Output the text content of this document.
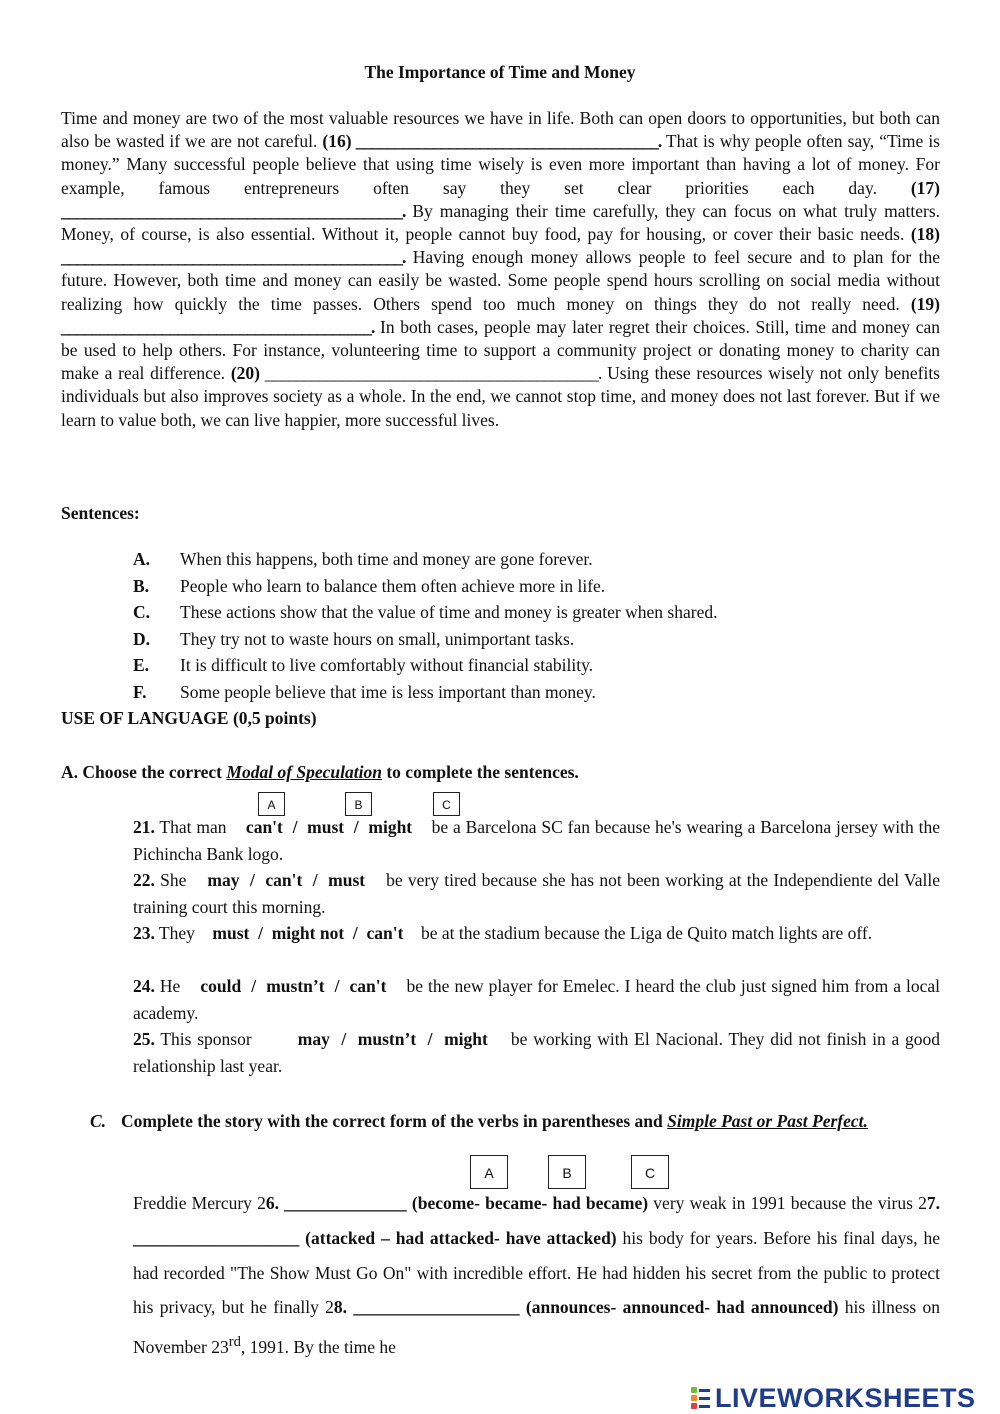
The Importance of Time and Money

Time and money are two of the most valuable resources we have in life. Both can open doors to opportunities, but both can also be wasted if we are not careful. (16) _______________________________________. That is why people often say, “Time is money.” Many successful people believe that using time wisely is even more important than having a lot of money. For example, famous entrepreneurs often say they set clear priorities each day. (17) ____________________________________________. By managing their time carefully, they can focus on what truly matters. Money, of course, is also essential. Without it, people cannot buy food, pay for housing, or cover their basic needs. (18) ____________________________________________. Having enough money allows people to feel secure and to plan for the future. However, both time and money can easily be wasted. Some people spend hours scrolling on social media without realizing how quickly the time passes. Others spend too much money on things they do not really need. (19) ________________________________________. In both cases, people may later regret their choices. Still, time and money can be used to help others. For instance, volunteering time to support a community project or donating money to charity can make a real difference. (20) ___________________________________________. Using these resources wisely not only benefits individuals but also improves society as a whole. In the end, we cannot stop time, and money does not last forever. But if we learn to value both, we can live happier, more successful lives.

Sentences:
A. When this happens, both time and money are gone forever.
B. People who learn to balance them often achieve more in life.
C. These actions show that the value of time and money is greater when shared.
D. They try not to waste hours on small, unimportant tasks.
E. It is difficult to live comfortably without financial stability.
F. Some people believe that ime is less important than money.
USE OF LANGUAGE (0,5 points)
A. Choose the correct Modal of Speculation to complete the sentences.
A	B	C
21. That man can't  /  must  /  might be a Barcelona SC fan because he's wearing a Barcelona jersey with the Pichincha Bank logo.
22. She may  /  can't  /  must be very tired because she has not been working at the Independiente del Valle training court this morning.
23. They must  /  might not  /  can't be at the stadium because the Liga de Quito match lights are off.
24. He could  /  mustn’t  /  can't be the new player for Emelec. I heard the club just signed him from a local academy.
25. This sponsor	may  /  mustn’t  /  might be working with El Nacional. They did not finish in a good relationship last year.
C. Complete the story with the correct form of the verbs in parentheses and Simple Past or Past Perfect.
A	B	C
Freddie Mercury 26. ______________ (become- became- had became) very weak in 1991 because the virus 27. ___________________ (attacked – had attacked- have attacked) his body for years. Before his final days, he had recorded "The Show Must Go On" with incredible effort. He had hidden his secret from the public to protect his privacy, but he finally 28. ___________________ (announces- announced- had announced) his illness on November 23rd, 1991. By the time he
LIVEWORKSHEETS
